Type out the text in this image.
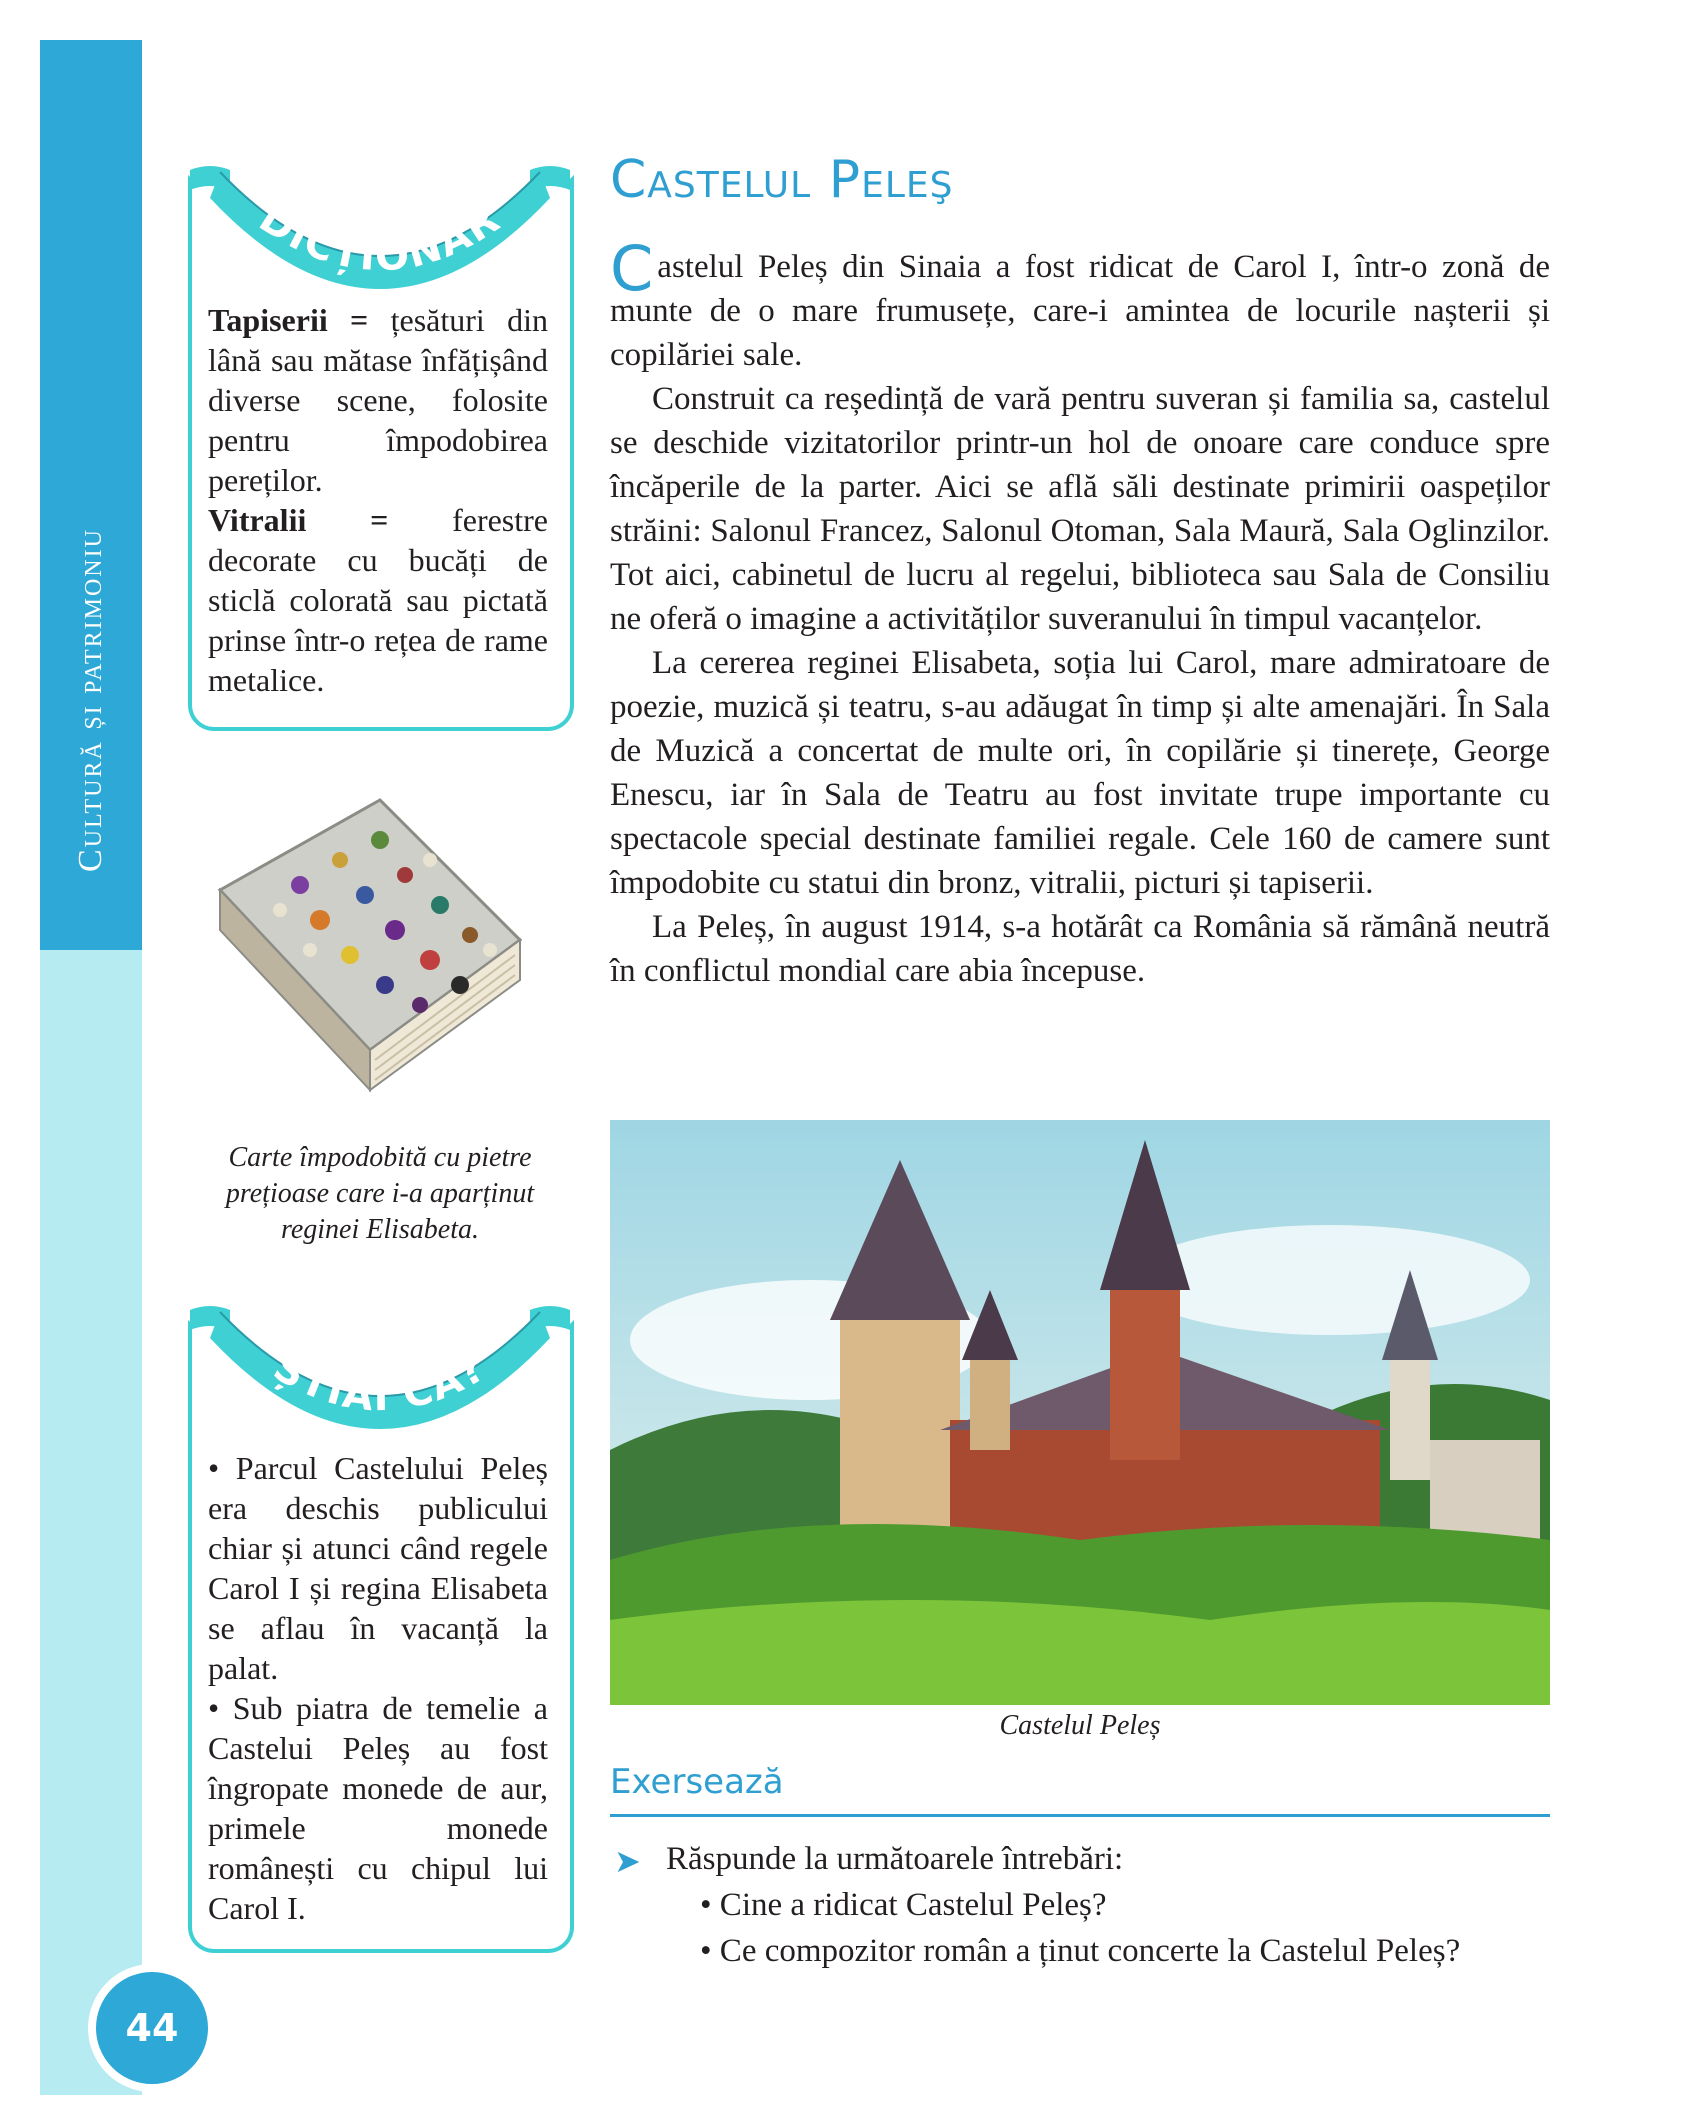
Cultură și patrimoniu
44
DICȚIONAR

Tapiserii = țesături din lână sau mătase înfățișând diverse scene, folosite pentru împodobirea pereților.

Vitralii = ferestre decorate cu bucăți de sticlă colorată sau pictată prinse într-o rețea de rame metalice.

Carte împodobită cu pietre prețioase care i-a aparținut reginei Elisabeta.
ȘTIAI CĂ?

• Parcul Castelului Peleș era deschis publicului chiar și atunci când regele Carol I și regina Elisabeta se aflau în vacanță la palat.

• Sub piatra de temelie a Castelui Peleș au fost îngropate monede de aur, primele monede românești cu chipul lui Carol I.

Castelul Peleş

Castelul Peleș din Sinaia a fost ridicat de Carol I, într-o zonă de munte de o mare frumusețe, care-i amintea de locurile nașterii și copilăriei sale.

Construit ca reședință de vară pentru suveran și familia sa, castelul se deschide vizitatorilor printr-un hol de onoare care conduce spre încăperile de la parter. Aici se află săli destinate primirii oaspeților străini: Salonul Francez, Salonul Otoman, Sala Maură, Sala Oglinzilor. Tot aici, cabinetul de lucru al regelui, biblioteca sau Sala de Consiliu ne oferă o imagine a activităților suveranului în timpul vacanțelor.

La cererea reginei Elisabeta, soția lui Carol, mare admiratoare de poezie, muzică și teatru, s-au adăugat în timp și alte amenajări. În Sala de Muzică a concertat de multe ori, în copilărie și tinerețe, George Enescu, iar în Sala de Teatru au fost invitate trupe importante cu spectacole special destinate familiei regale. Cele 160 de camere sunt împodobite cu statui din bronz, vitralii, picturi și tapiserii.

La Peleș, în august 1914, s-a hotărât ca România să rămână neutră în conflictul mondial care abia începuse.

Castelul Peleș
Exersează
➤ Răspunde la următoarele întrebări:
• Cine a ridicat Castelul Peleș?
• Ce compozitor român a ținut concerte la Castelul Peleș?
